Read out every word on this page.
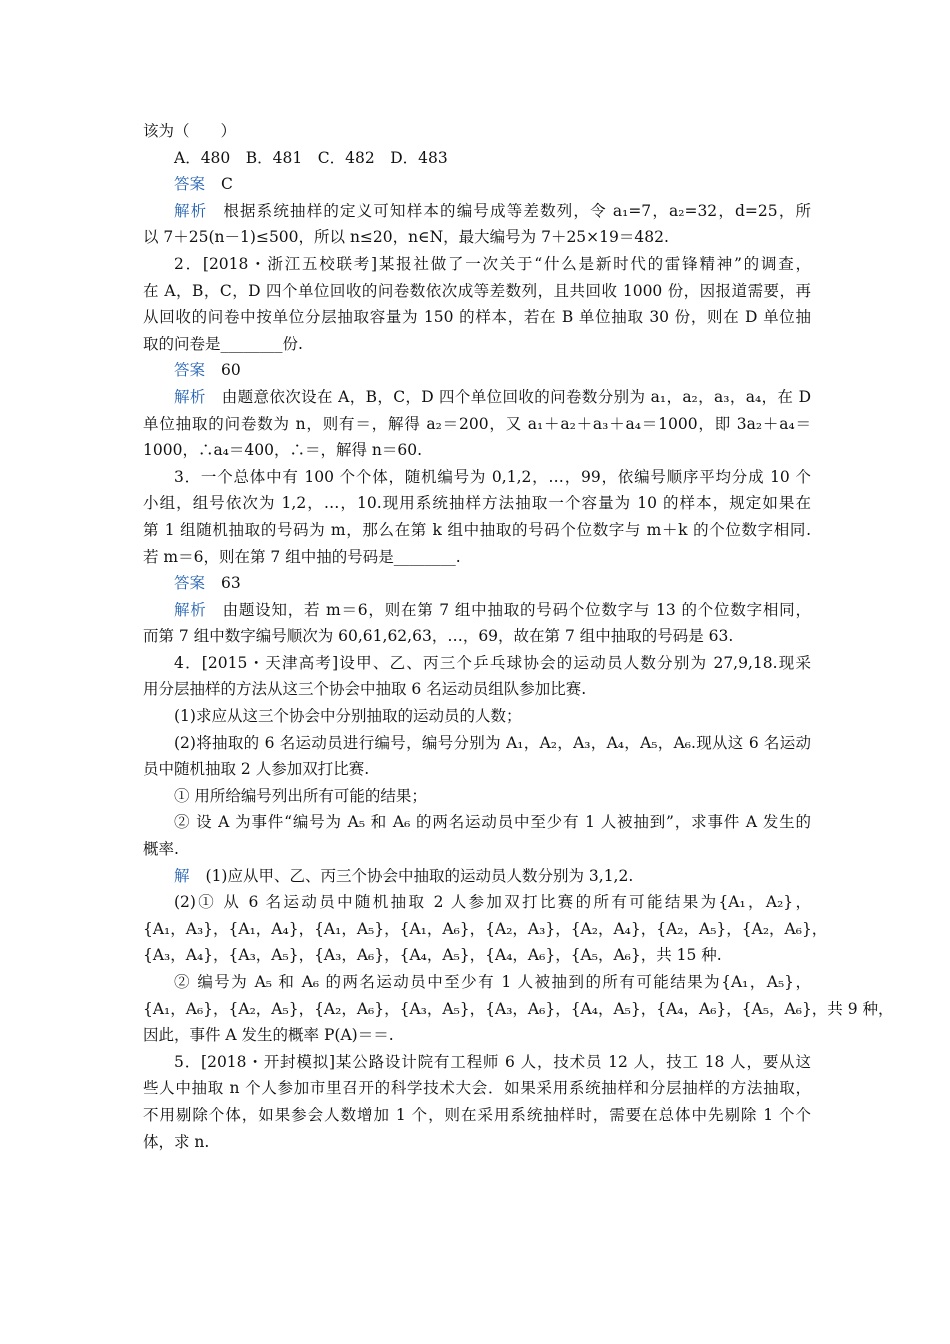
该为（　　）
A．480　B．481　C．482　D．483
答案 C
解析 根据系统抽样的定义可知样本的编号成等差数列，令 a₁=7，a₂=32，d=25，所
以 7＋25(n－1)≤500，所以 n≤20，n∈N，最大编号为 7＋25×19＝482.
2．[2018・浙江五校联考]某报社做了一次关于“什么是新时代的雷锋精神”的调查，
在 A，B，C，D 四个单位回收的问卷数依次成等差数列，且共回收 1000 份，因报道需要，再
从回收的问卷中按单位分层抽取容量为 150 的样本，若在 B 单位抽取 30 份，则在 D 单位抽
取的问卷是________份.
答案 60
解析 由题意依次设在 A，B，C，D 四个单位回收的问卷数分别为 a₁，a₂，a₃，a₄，在 D
单位抽取的问卷数为 n，则有＝，解得 a₂＝200，又 a₁＋a₂＋a₃＋a₄＝1000，即 3a₂＋a₄＝
1000，∴a₄＝400，∴＝，解得 n＝60.
3．一个总体中有 100 个个体，随机编号为 0,1,2，…，99，依编号顺序平均分成 10 个
小组，组号依次为 1,2，…，10.现用系统抽样方法抽取一个容量为 10 的样本，规定如果在
第 1 组随机抽取的号码为 m，那么在第 k 组中抽取的号码个位数字与 m＋k 的个位数字相同.
若 m＝6，则在第 7 组中抽的号码是________.
答案 63
解析 由题设知，若 m＝6，则在第 7 组中抽取的号码个位数字与 13 的个位数字相同，
而第 7 组中数字编号顺次为 60,61,62,63，…，69，故在第 7 组中抽取的号码是 63.
4．[2015・天津高考]设甲、乙、丙三个乒乓球协会的运动员人数分别为 27,9,18.现采
用分层抽样的方法从这三个协会中抽取 6 名运动员组队参加比赛.
(1)求应从这三个协会中分别抽取的运动员的人数；
(2)将抽取的 6 名运动员进行编号，编号分别为 A₁，A₂，A₃，A₄，A₅，A₆.现从这 6 名运动
员中随机抽取 2 人参加双打比赛.
① 用所给编号列出所有可能的结果；
② 设 A 为事件“编号为 A₅ 和 A₆ 的两名运动员中至少有 1 人被抽到”，求事件 A 发生的
概率.
解 (1)应从甲、乙、丙三个协会中抽取的运动员人数分别为 3,1,2.
(2)① 从 6 名运动员中随机抽取 2 人参加双打比赛的所有可能结果为{A₁，A₂}，
{A₁，A₃}，{A₁，A₄}，{A₁，A₅}，{A₁，A₆}，{A₂，A₃}，{A₂，A₄}，{A₂，A₅}，{A₂，A₆}，
{A₃，A₄}，{A₃，A₅}，{A₃，A₆}，{A₄，A₅}，{A₄，A₆}，{A₅，A₆}，共 15 种.
② 编号为 A₅ 和 A₆ 的两名运动员中至少有 1 人被抽到的所有可能结果为{A₁，A₅}，
{A₁，A₆}，{A₂，A₅}，{A₂，A₆}，{A₃，A₅}，{A₃，A₆}，{A₄，A₅}，{A₄，A₆}，{A₅，A₆}，共 9 种，
因此，事件 A 发生的概率 P(A)＝＝.
5．[2018・开封模拟]某公路设计院有工程师 6 人，技术员 12 人，技工 18 人，要从这
些人中抽取 n 个人参加市里召开的科学技术大会．如果采用系统抽样和分层抽样的方法抽取，
不用剔除个体，如果参会人数增加 1 个，则在采用系统抽样时，需要在总体中先剔除 1 个个
体，求 n.
